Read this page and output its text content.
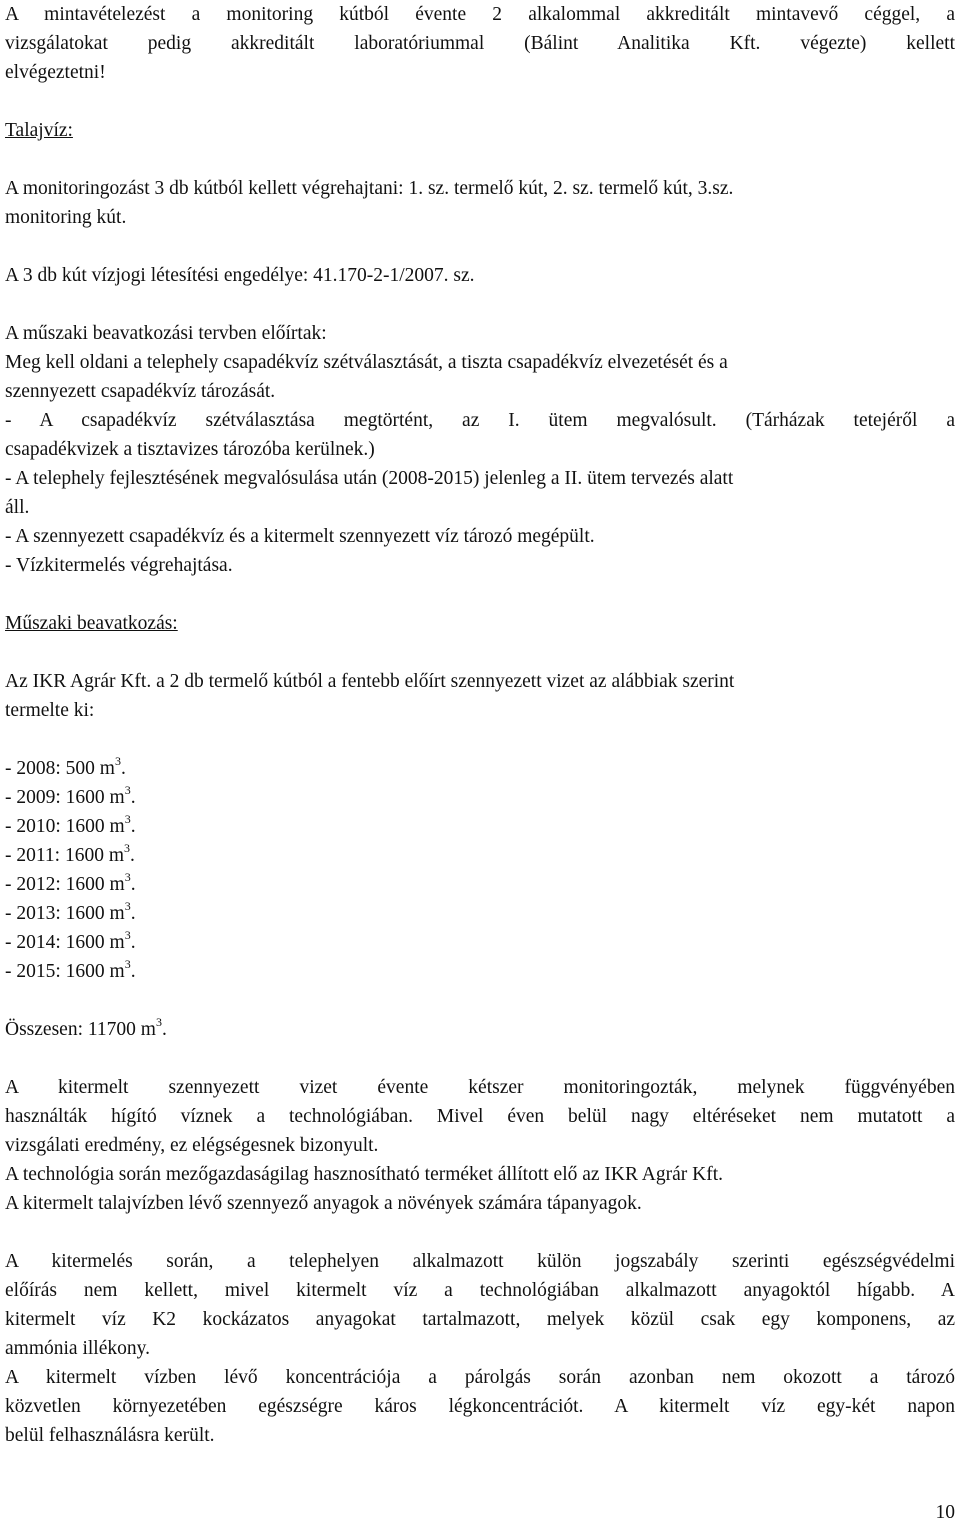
A mintavételezést a monitoring kútból évente 2 alkalommal akkreditált mintavevő céggel, a
vizsgálatokat pedig akkreditált laboratóriummal (Bálint Analitika Kft. végezte) kellett
elvégeztetni!
Talajvíz:
A monitoringozást 3 db kútból kellett végrehajtani: 1. sz. termelő kút, 2. sz. termelő kút, 3.sz.
monitoring kút.
A 3 db kút vízjogi létesítési engedélye: 41.170-2-1/2007. sz.
A műszaki beavatkozási tervben előírtak:
Meg kell oldani a telephely csapadékvíz szétválasztását, a tiszta csapadékvíz elvezetését és a
szennyezett csapadékvíz tározását.
- A csapadékvíz szétválasztása megtörtént, az I. ütem megvalósult. (Tárházak tetejéről a
csapadékvizek a tisztavizes tározóba kerülnek.)
- A telephely fejlesztésének megvalósulása után (2008-2015) jelenleg a II. ütem tervezés alatt
áll.
- A szennyezett csapadékvíz és a kitermelt szennyezett víz tározó megépült.
- Vízkitermelés végrehajtása.
Műszaki beavatkozás:
Az IKR Agrár Kft. a 2 db termelő kútból a fentebb előírt szennyezett vizet az alábbiak szerint
termelte ki:
- 2008: 500 $m^3$.
- 2009: 1600 $m^3$.
- 2010: 1600 $m^3$.
- 2011: 1600 $m^3$.
- 2012: 1600 $m^3$.
- 2013: 1600 $m^3$.
- 2014: 1600 $m^3$.
- 2015: 1600 $m^3$.
Összesen: 11700 $m^3$.
A kitermelt szennyezett vizet évente kétszer monitoringozták, melynek függvényében
használták hígító víznek a technológiában. Mivel éven belül nagy eltéréseket nem mutatott a
vizsgálati eredmény, ez elégségesnek bizonyult.
A technológia során mezőgazdaságilag hasznosítható terméket állított elő az IKR Agrár Kft.
A kitermelt talajvízben lévő szennyező anyagok a növények számára tápanyagok.
A kitermelés során, a telephelyen alkalmazott külön jogszabály szerinti egészségvédelmi
előírás nem kellett, mivel kitermelt víz a technológiában alkalmazott anyagoktól hígabb. A
kitermelt víz K2 kockázatos anyagokat tartalmazott, melyek közül csak egy komponens, az
ammónia illékony.
A kitermelt vízben lévő koncentrációja a párolgás során azonban nem okozott a tározó
közvetlen környezetében egészségre káros légkoncentrációt. A kitermelt víz egy-két napon
belül felhasználásra került.
10
